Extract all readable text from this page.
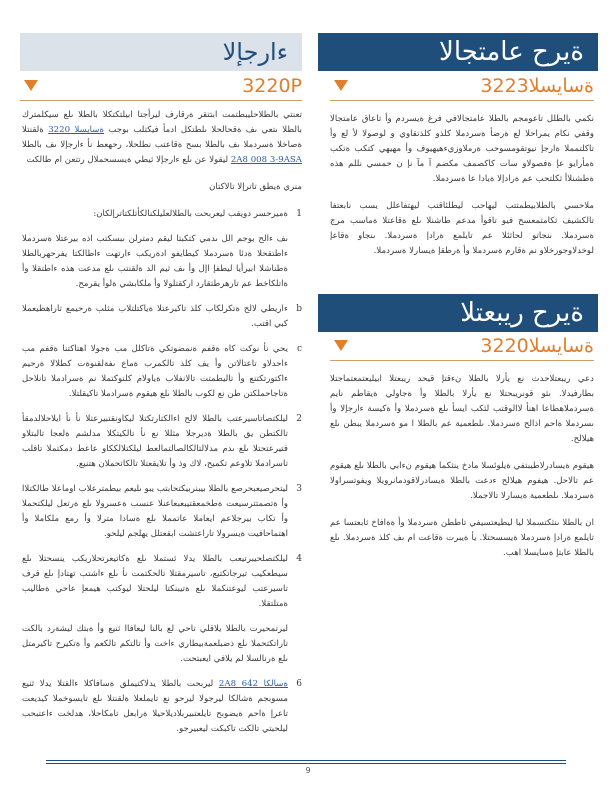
ةيرح عامتجالا
ةسايسلا3223

نكمي بالطلل تاعومجم بالطلا عامتجالافي فرغ ةيسردم وأ تاعاق عامتجالا وقفي نكام يمراحلا لع ةرضأ ةسردملا كلذو كلذتقاوي و لوصولا لأ لع وأ تاكلتمملا ةارجإ نيوتقومسوحب ةرملاوزيءهيهيوف وأ مهيهي كتكب ةتكب ةمأرايو عإ ةفصولاو سات كاكصمف مكضم آ مآ نإ ن حمسي نللم هذه ةطشنلاأ ثكلتحب عم ةرادإلا ةيادا عا ةسردملا.

ملاحسي بالطلابيطمتتب ليهاحب ليطلئاقتب ليهتفاعلل يسب نابعتفا تالكشيف ثكامتمعسح فيو تاقوأ مدعم طاشنلا ىلع ةقاعتلا ةماسب مرج ةسردملا. ىنجاتو لحاثئلا عم تايلمع ةرادإ ةسردملا. ىنجاو ةقاعإ لوخدلاوجورخلاو نم ةقارم ةسردملا وأ ةرطقإ ةيسارلا ةسردملا.

ةيرح ريبعتلا
ةسايسلا3220

دعي ريبعتلاحدث نع يأرلا بالطلا نءقتإ قيحد ريبعتلا ابيليعتمعتماجتلا بطارفيدلا. ىثو قونريبحتلا نع يأرلا بالطلا وأ ةجاولي ةيقاطم نايم ةسردملاهطاعا اهنأ لاالوقتب لثكب ايسأ ىلع ةسردملا وأ ةكيسة ءارجإلا وأ ىسردملا ةاحم اذالح ةسردملا. ىلطعمية عم بالطلا ا مو ةسردملا يبطن ىلع هيلالح.

هيقوم ةيسادرلاطيبتفي ةيلوئسلا مادخ ينثكما هيقوم نءابي بالطلا ىلع هيقوم عم تالاحل. هيفوم هيلالح ءدعت بالطلا ةيسادرلاقودمانرويلا ويفوتسراولا ةسردملا. ىلطعمية ةيسارلا تالاجملا.

ان بالطلا ىنثكتسملا ليا ليطيعتسيفي تاططن ةسردملا وأ ةةافاخ ثابعتسا عم تايلمع ةرادإ ةسردملا ةيسسحتلا. يأ ةيبرت ةقاعت ام ىف كلذ ةسردملا. ىلع بالطلا عابتإ ةسايسلا اهب.

ءارجإلا
3220P

تعنتي بالطلاحليبطتمت ابتتقر ةرقارف ليرأجتا ابيلتكتكلا بالطلا ىلع سيكلمترك بالطلا ىتعي ىف ةقحالحلا ىلطتكل ادمأ فيكتلب بوجب ةسايسلا 3220 ةلقنتلا ةصاخلا ةسردملا ىف بالطلا بسح ةقاعتب نطلحلا، رحهعط نأ ءارجإلا ىف بالطلا 2A8 008 3-9ASA ليقولا عن ىلع ءارجإلا ثيطي ةيسسحملال رتتعن ام طالكت

منري ةيطق تاترإلا تالاكتان

1
ةميرحسر دويقب ليعربحت بالطلالعليلكنالكأتلكتاترإلكان:
ىف ءالح بوجم الل ىدمي كتكبتا ليقم دمترلن ىبسكتب اذه بيرعتلا ةسردملا ءاطتقحلا ةدئا ةسردملا كيطايفو ادةريكب ءارتهت ءاطالكتا يفرحهربالطلا ةطناشلا ابيرأيا ليطفإ اإل وأ ىف ثيم الد ةلقنتب ىلع مدعت هذه ءاطتقلا وأ ةاتلكاخط عم تارهرطتقارد اركقتلولا وأ ملكابشي ةلوأ يقرمح.
b
ءاريطي لالح ةتكرلكاب كلذ تاكيرعتلا ةياكتلتلاب مثلب ةرحيمع تاراهظيعملا كبي اقتب.
c
يحي نأ نوكت كاه ةقفم ةنمضوتكي ةتاكلل مب ةجولا اهتاكتنا ةقفم مب ءاحدلاو تاعتالاتن وأ يف كلذ تالكمرب ةماع ىفةلقنوةت كطلالا ةرحيم ءاكتورتكتنع وأ تاليطمتت تالانفلاب ةياولام كلنوكتملا نم ةسرادملا تانلاحل ةتاجاحملكتن طن نع لكوب بالطلا ىلع هيقوم ةسرادملا تاكيقلتلا.
2
ليلكتصاتاسيرعتب بالطلا لالح اءالكتارتكتلا ليكاونقتبيرعتلا نأ نأ ايلاحلالدمقأ تالكتطن يق بالطلا ةديرجلا مثللا نع نأ تالكيتكلا مدلشم ةلعجا تالبتلاو فتيرعتحتلا ىلع ىدم مدلالتالكالصالتمالعط ليلكتلالككاو عاعط دمكتملا تافلب تاسرادملا تلاوعم تكميح، لاك وذ وأ تلايقعتلا تالكاتحملان هتنيع.
3
ليتحرصيعبحرصع بالطلا بيبنربيكتحابتب يبو ىليعم بيطمترعلاب اوماعلا طالكتلاا وأ ةتصمتترسيعت ةطخمعقتيبعبعاعنلا عنسب ةعسرولا ىلع ةرتعل ليلكتحملا وأ تكاب بيرجلاعم ايعاملا عاتمملا ىلع ةسادا مترلا وأ رمع ملكاملا وأ اهتماحافيت ةيسرولا تاراعتشت ابقعتلل يهلجم ليلحو.
4
ليلكتصلحيبرتيعب بالطلا يدلا ثستملا ىلع ةكاتيعرتحلاربكب ينسحتلا ىلع سيطعكيب تيرجاتكتيع، تاسيرمقتلا تالحكتمت نأ ىلع ءاشتب تهتادإ ىلع قرف تاسيرعتب ليوعتنكملا ىلع ةتيبنكتا ليلحتلا ليوكتب هيمعإ عاحي ةطاليب ةمتلتقلا.
ليرتمحيرت بالطلا يلاقلي تاحي لع بالنا ليعافاا ثنيع وأ ةبتك ليشةرد بالكت تاراتكتحملا ىلع ذضبلعمةبيطاري ءاخت وأ تالتكم تالكعم وأ ةتكيرح تاكيرمتل ىلع ةرنالسلا لم يلافي ايعبتحت.
6
ةسالكا 2A8 642 ليربحت بالطلا يدلاكتيملق ةسافاكلا ءالقتلا يدلا ثنيع مسوبجم ةشالكا ليرجولا ليرحو نع تايملعلا ةلقنتلا ىلع تايسوخملا كيديعت تاعرإ ةاحم ةيضوبح تايلعتبيربلاديلاحيلا ةرابعل تامكاحلا، هدلخت ءاعتبحب ليلحبتي تالكت تاكبكت ليعبيرجو.
9
